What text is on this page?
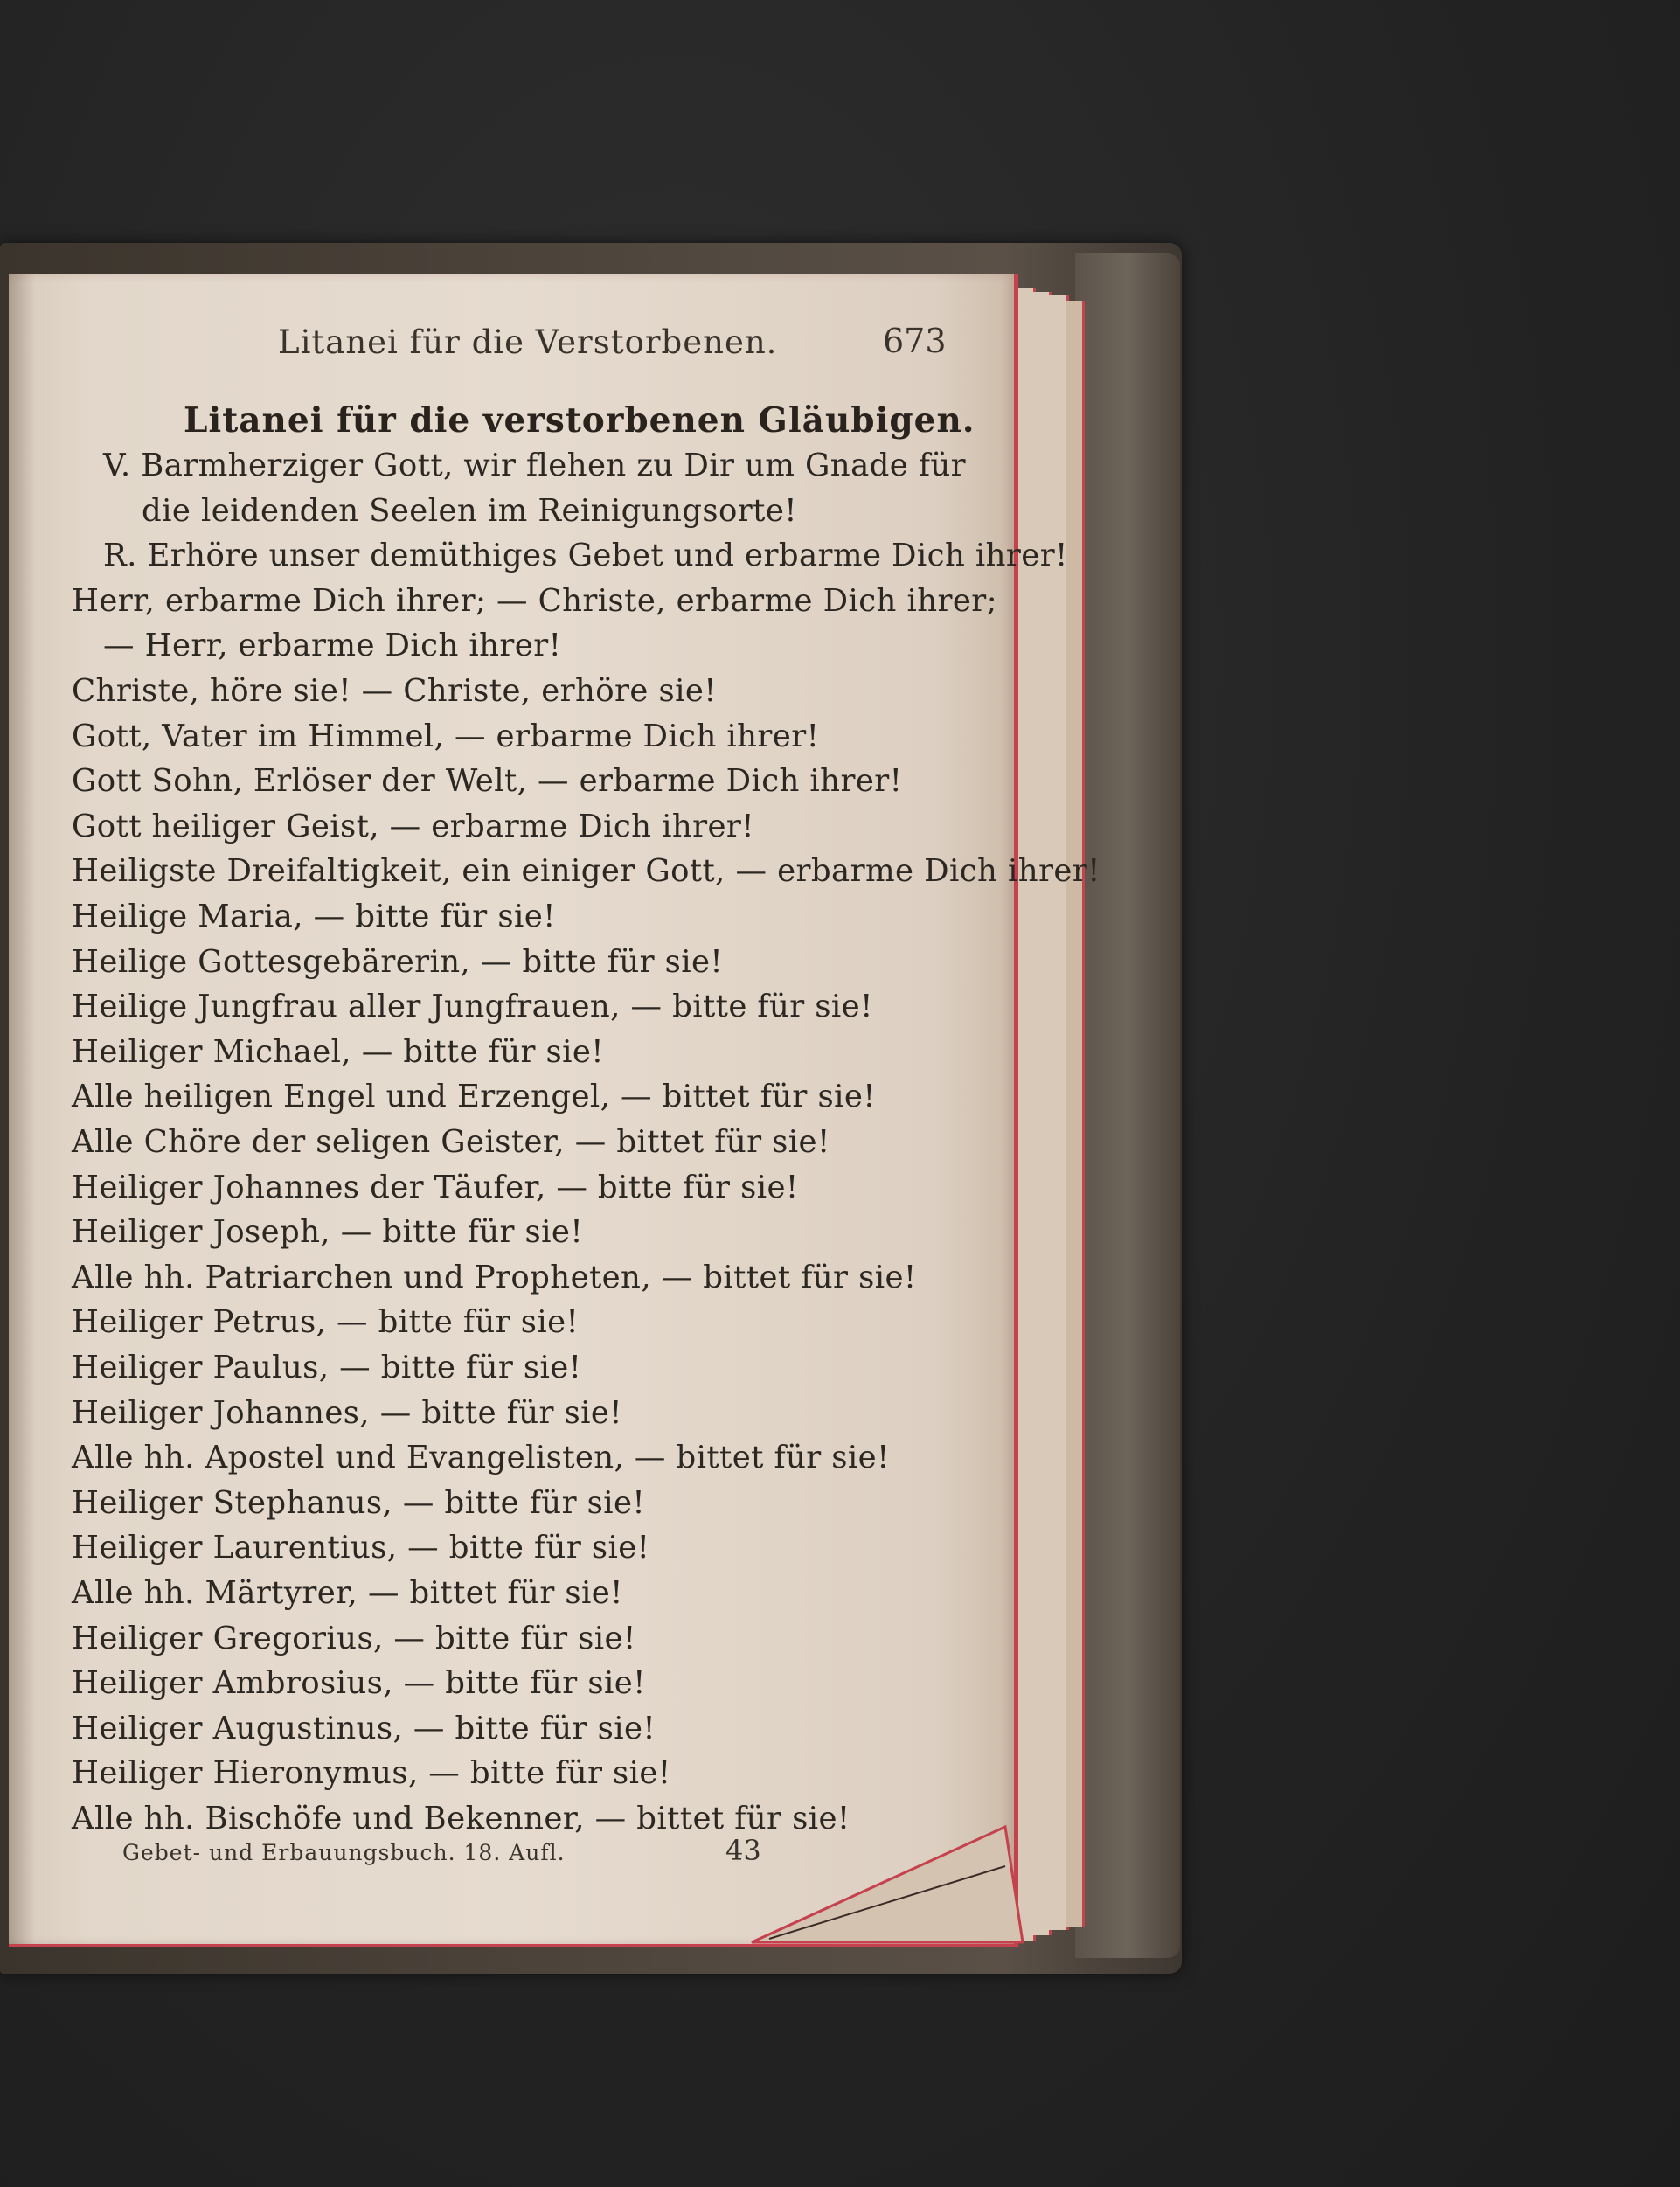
Litanei für die Verstorbenen.	673
Litanei für die verstorbenen Gläubigen.
V. Barmherziger Gott, wir flehen zu Dir um Gnade für
die leidenden Seelen im Reinigungsorte!
R. Erhöre unser demüthiges Gebet und erbarme Dich ihrer!
Herr, erbarme Dich ihrer; — Christe, erbarme Dich ihrer;
— Herr, erbarme Dich ihrer!
Christe, höre sie! — Christe, erhöre sie!
Gott, Vater im Himmel, — erbarme Dich ihrer!
Gott Sohn, Erlöser der Welt, — erbarme Dich ihrer!
Gott heiliger Geist, — erbarme Dich ihrer!
Heiligste Dreifaltigkeit, ein einiger Gott, — erbarme Dich ihrer!
Heilige Maria, — bitte für sie!
Heilige Gottesgebärerin, — bitte für sie!
Heilige Jungfrau aller Jungfrauen, — bitte für sie!
Heiliger Michael, — bitte für sie!
Alle heiligen Engel und Erzengel, — bittet für sie!
Alle Chöre der seligen Geister, — bittet für sie!
Heiliger Johannes der Täufer, — bitte für sie!
Heiliger Joseph, — bitte für sie!
Alle hh. Patriarchen und Propheten, — bittet für sie!
Heiliger Petrus, — bitte für sie!
Heiliger Paulus, — bitte für sie!
Heiliger Johannes, — bitte für sie!
Alle hh. Apostel und Evangelisten, — bittet für sie!
Heiliger Stephanus, — bitte für sie!
Heiliger Laurentius, — bitte für sie!
Alle hh. Märtyrer, — bittet für sie!
Heiliger Gregorius, — bitte für sie!
Heiliger Ambrosius, — bitte für sie!
Heiliger Augustinus, — bitte für sie!
Heiliger Hieronymus, — bitte für sie!
Alle hh. Bischöfe und Bekenner, — bittet für sie!
Gebet- und Erbauungsbuch. 18. Aufl.	43
